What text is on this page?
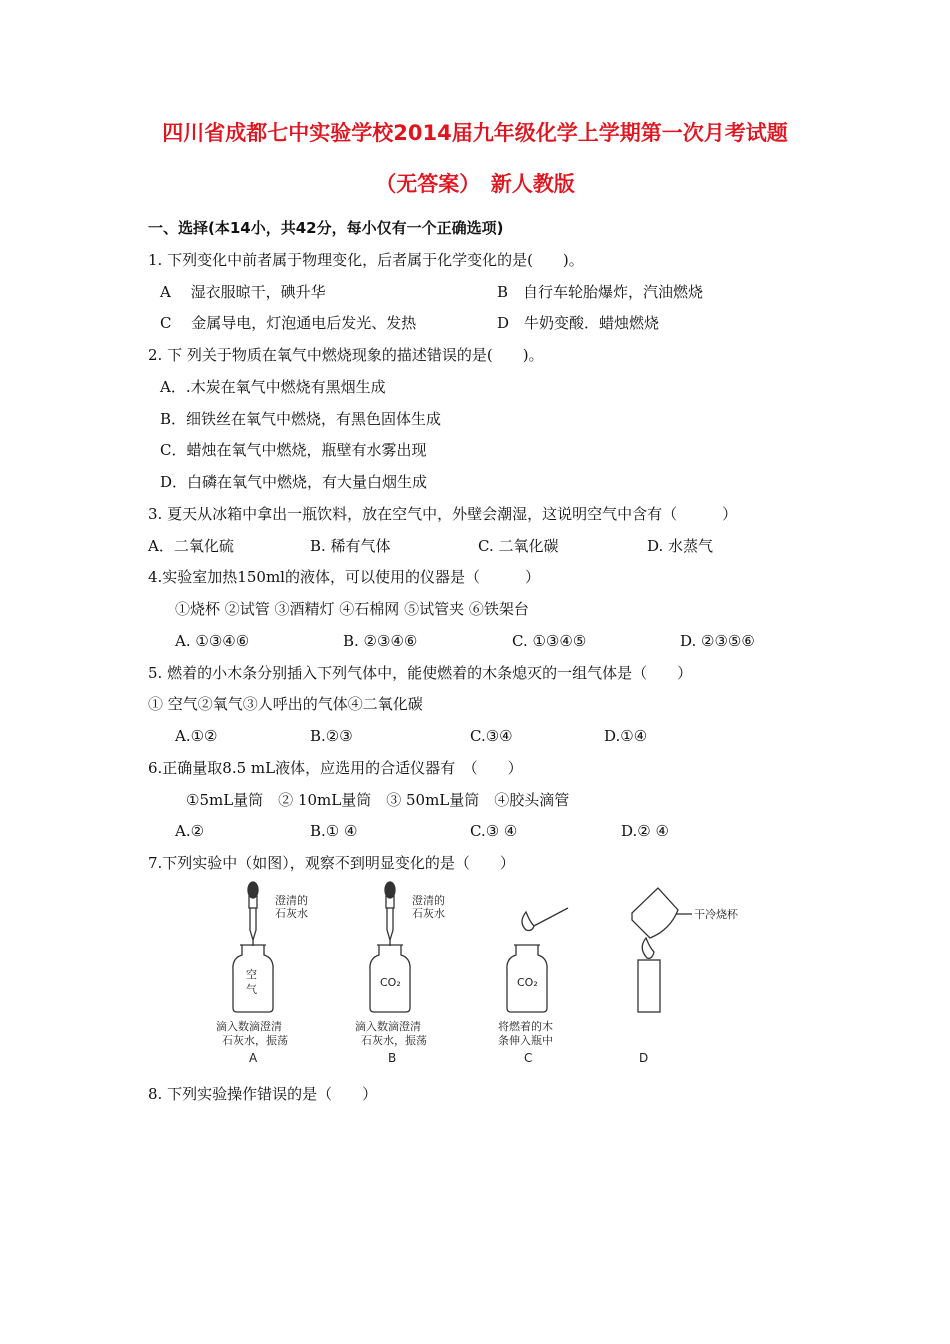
四川省成都七中实验学校2014届九年级化学上学期第一次月考试题
（无答案）　新人教版
一、选择(本14小，共42分，每小仅有一个正确选项)
1. 下列变化中前者属于物理变化，后者属于化学变化的是(　　)。
A　 湿衣服晾干，碘升华	B　自行车轮胎爆炸，汽油燃烧
C　 金属导电，灯泡通电后发光、发热	D　牛奶变酸．蜡烛燃烧
2. 下 列关于物质在氧气中燃烧现象的描述错误的是(　　)。
A．.木炭在氧气中燃烧有黑烟生成
B．细铁丝在氧气中燃烧，有黑色固体生成
C．蜡烛在氧气中燃烧，瓶壁有水雾出现
D．白磷在氧气中燃烧，有大量白烟生成
3. 夏天从冰箱中拿出一瓶饮料，放在空气中，外壁会潮湿，这说明空气中含有（　　　）
A．二氧化硫	B. 稀有气体	C. 二氧化碳	D. 水蒸气
4.实验室加热150ml的液体，可以使用的仪器是（　　　）
①烧杯 ②试管 ③酒精灯 ④石棉网 ⑤试管夹 ⑥铁架台
A. ①③④⑥	B. ②③④⑥	C. ①③④⑤	D. ②③⑤⑥
5. 燃着的小木条分别插入下列气体中，能使燃着的木条熄灭的一组气体是（　　）
① 空气②氧气③人呼出的气体④二氧化碳
A.①②	B.②③	C.③④	D.①④
6.正确量取8.5 mL液体，应选用的合适仪器有　（　　）
①5mL量筒　② 10mL量筒　③ 50mL量筒　④胶头滴管
A.②	B.① ④	C.③ ④	D.② ④
7.下列实验中（如图），观察不到明显变化的是（　　）
澄清的
石灰水
澄清的
石灰水
空
气
CO₂	CO₂
干冷烧杯
滴入数滴澄清
石灰水，振荡
滴入数滴澄清
石灰水，振荡
将燃着的木
条伸入瓶中
A	B	C	D
8. 下列实验操作错误的是（　　）
